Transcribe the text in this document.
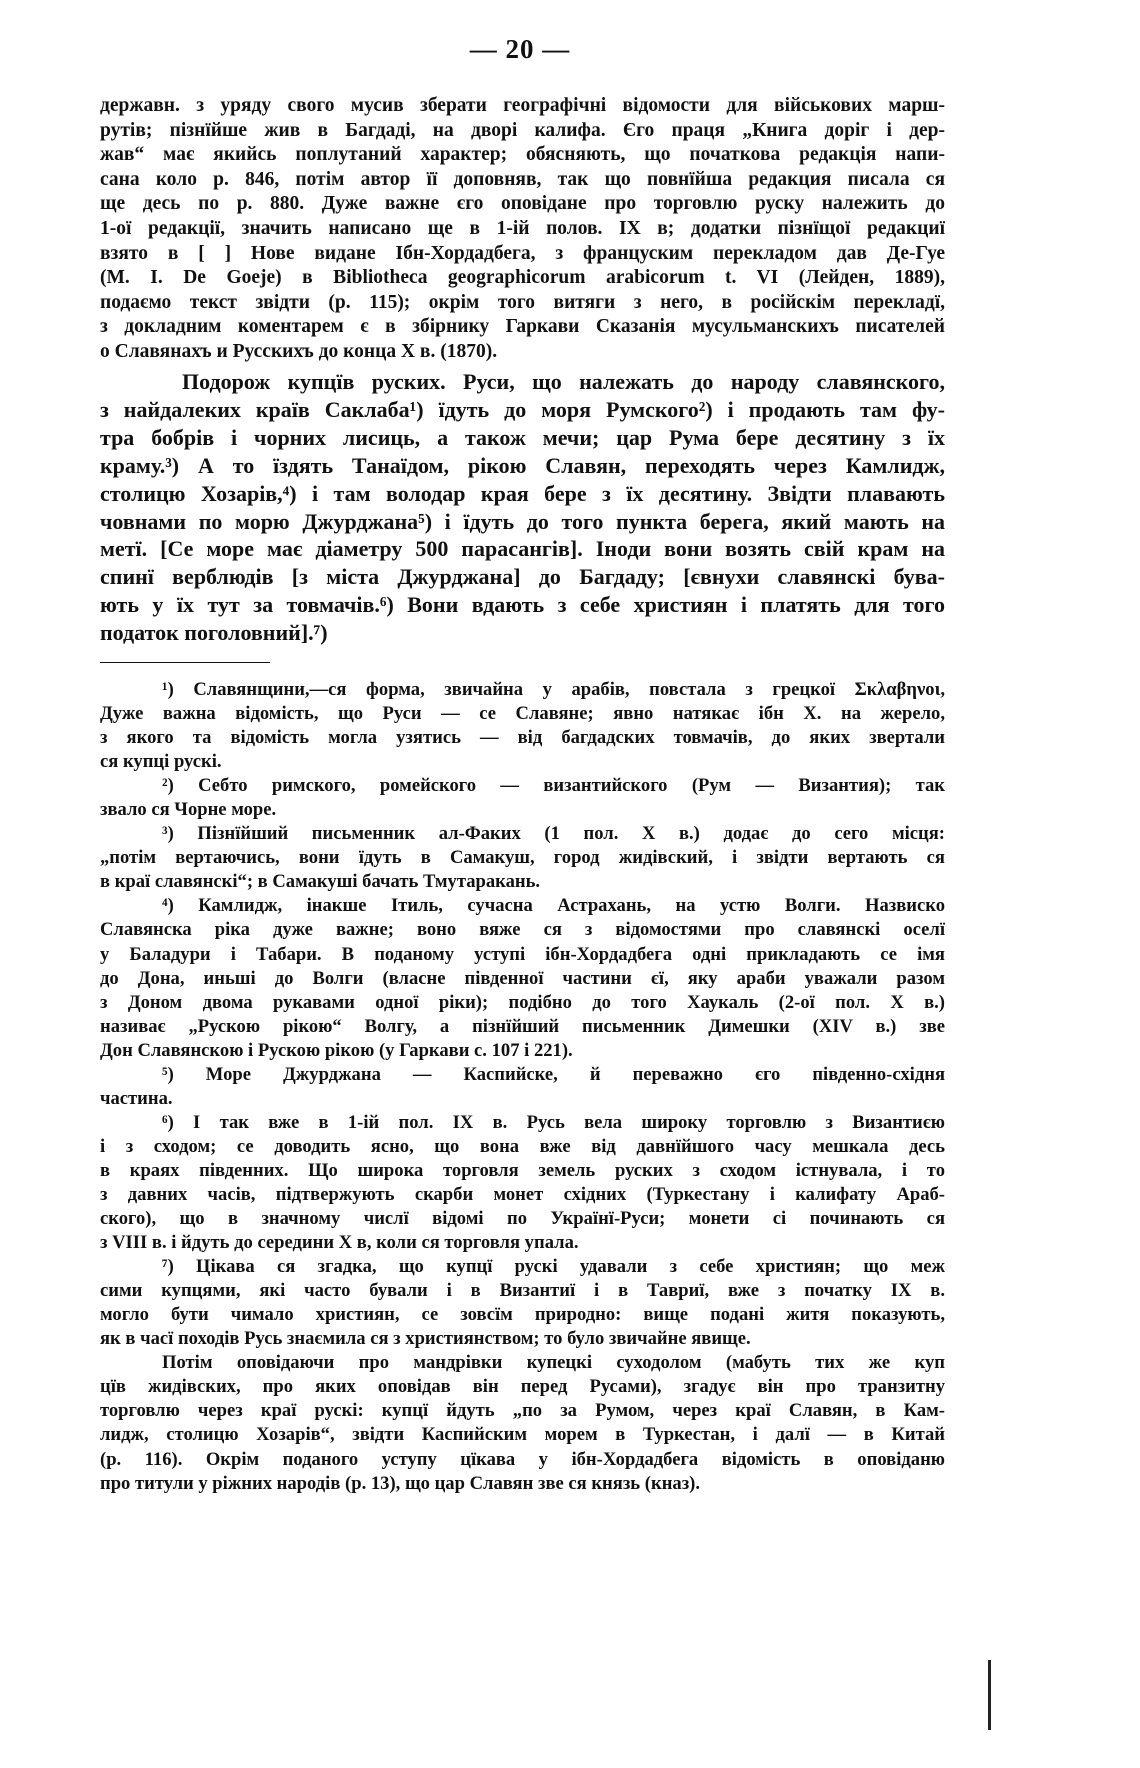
— 20 —
державн. з уряду свого мусив зберати географічні відомости для військових марш-
рутів; пізнїйше жив в Багдаді, на дворі калифа. Єго праця „Книга доріг і дер-
жав“ має якийсь поплутаний характер; обясняють, що початкова редакція напи-
сана коло р. 846, потім автор її доповняв, так що повнїйша редакция писала ся
ще десь по р. 880. Дуже важне єго оповідане про торговлю руску належить до
1-ої редакції, значить написано ще в 1-ій полов. IX в; додатки пізнїщої редакциї
взято в [ ] Нове видане Ібн-Хордадбега, з француским перекладом дав Де-Гуе
(M. I. De Goeje) в Bibliotheca geographicorum arabicorum t. VI (Лейден, 1889),
подаємо текст звідти (p. 115); окрім того витяги з него, в російскім перекладї,
з докладним коментарем є в збірнику Гаркави Сказанія мусульманскихъ писателей
о Славянахъ и Русскихъ до конца X в. (1870).
Подорож купцїв руских. Руси, що належать до народу славянского,
з найдалеких країв Саклаба¹) їдуть до моря Румского²) і продають там фу-
тра бобрів і чорних лисиць, а також мечи; цар Рума бере десятину з їх
краму.³) А то їздять Танаїдом, рікою Славян, переходять через Камлидж,
столицю Хозарів,⁴) і там володар края бере з їх десятину. Звідти плавають
човнами по морю Джурджана⁵) і їдуть до того пункта берега, який мають на
метї. [Се море має діаметру 500 парасангів]. Іноди вони возять свій крам на
спинї верблюдів [з міста Джурджана] до Багдаду; [євнухи славянскі бува-
ють у їх тут за товмачів.⁶) Вони вдають з себе християн і платять для того
податок поголовний].⁷)
¹) Славянщини,—ся форма, звичайна у арабів, повстала з грецкої Σκλαβηνοι,
Дуже важна відомість, що Руси — се Славяне; явно натякає ібн Х. на жерело,
з якого та відомість могла узятись — від багдадских товмачів, до яких звертали
ся купці рускі.
²) Себто римского, ромейского — византийского (Рум — Византия); так
звало ся Чорне море.
³) Пізнїйший письменник ал-Факих (1 пол. X в.) додає до сего місця:
„потім вертаючись, вони їдуть в Самакуш, город жидівский, і звідти вертають ся
в краї славянскі“; в Самакуші бачать Тмутаракань.
⁴) Камлидж, інакше Ітиль, сучасна Астрахань, на устю Волги. Назвиско
Славянска ріка дуже важне; воно вяже ся з відомостями про славянскі оселї
у Баладури і Табари. В поданому уступі ібн-Хордадбега одні прикладають се імя
до Дона, иньші до Волги (власне південної частини єї, яку араби уважали разом
з Доном двома рукавами одної ріки); подібно до того Хаукаль (2-ої пол. X в.)
називає „Рускою рікою“ Волгу, а пізнїйший письменник Димешки (XIV в.) зве
Дон Славянскою і Рускою рікою (у Гаркави с. 107 і 221).
⁵) Море Джурджана — Каспийске, й переважно єго південно-східня
частина.
⁶) І так вже в 1-ій пол. IX в. Русь вела широку торговлю з Византиєю
і з сходом; се доводить ясно, що вона вже від давнїйшого часу мешкала десь
в краях південних. Що широка торговля земель руских з сходом істнувала, і то
з давних часів, підтвержують скарби монет східних (Туркестану і калифату Араб-
ского), що в значному числї відомі по Українї-Руси; монети сі починають ся
з VIII в. і йдуть до середини X в, коли ся торговля упала.
⁷) Цікава ся згадка, що купцї рускі удавали з себе християн; що меж
сими купцями, які часто бували і в Византиї і в Тавриї, вже з початку IX в.
могло бути чимало християн, се зовсїм природно: вище подані житя показують,
як в часї походів Русь знаємила ся з християнством; то було звичайне явище.
Потім оповідаючи про мандрівки купецкі суходолом (мабуть тих же куп
цїв жидівских, про яких оповідав він перед Русами), згадує він про транзитну
торговлю через краї рускі: купцї йдуть „по за Румом, через краї Славян, в Кам-
лидж, столицю Хозарів“, звідти Каспийским морем в Туркестан, і далї — в Китай
(p. 116). Окрім поданого уступу цїкава у ібн-Хордадбега відомість в оповіданю
про титули у ріжних народів (p. 13), що цар Славян зве ся князь (кназ).
